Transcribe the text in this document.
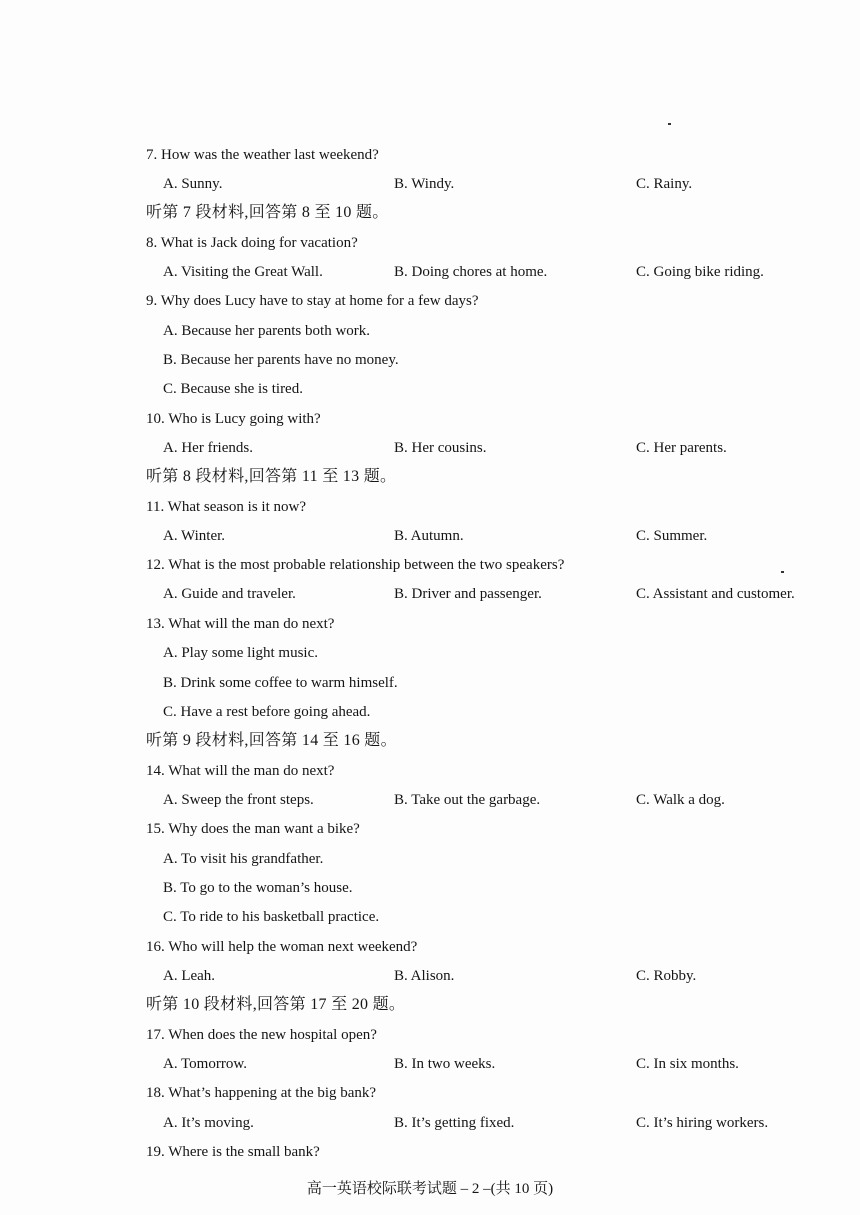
7. How was the weather last weekend?
A. Sunny.	B. Windy.	C. Rainy.
听第 7 段材料,回答第 8 至 10 题。
8. What is Jack doing for vacation?
A. Visiting the Great Wall.	B. Doing chores at home.	C. Going bike riding.
9. Why does Lucy have to stay at home for a few days?
A. Because her parents both work.
B. Because her parents have no money.
C. Because she is tired.
10. Who is Lucy going with?
A. Her friends.	B. Her cousins.	C. Her parents.
听第 8 段材料,回答第 11 至 13 题。
11. What season is it now?
A. Winter.	B. Autumn.	C. Summer.
12. What is the most probable relationship between the two speakers?
A. Guide and traveler.	B. Driver and passenger.	C. Assistant and customer.
13. What will the man do next?
A. Play some light music.
B. Drink some coffee to warm himself.
C. Have a rest before going ahead.
听第 9 段材料,回答第 14 至 16 题。
14. What will the man do next?
A. Sweep the front steps.	B. Take out the garbage.	C. Walk a dog.
15. Why does the man want a bike?
A. To visit his grandfather.
B. To go to the woman’s house.
C. To ride to his basketball practice.
16. Who will help the woman next weekend?
A. Leah.	B. Alison.	C. Robby.
听第 10 段材料,回答第 17 至 20 题。
17. When does the new hospital open?
A. Tomorrow.	B. In two weeks.	C. In six months.
18. What’s happening at the big bank?
A. It’s moving.	B. It’s getting fixed.	C. It’s hiring workers.
19. Where is the small bank?
高一英语校际联考试题 – 2 –(共 10 页)
